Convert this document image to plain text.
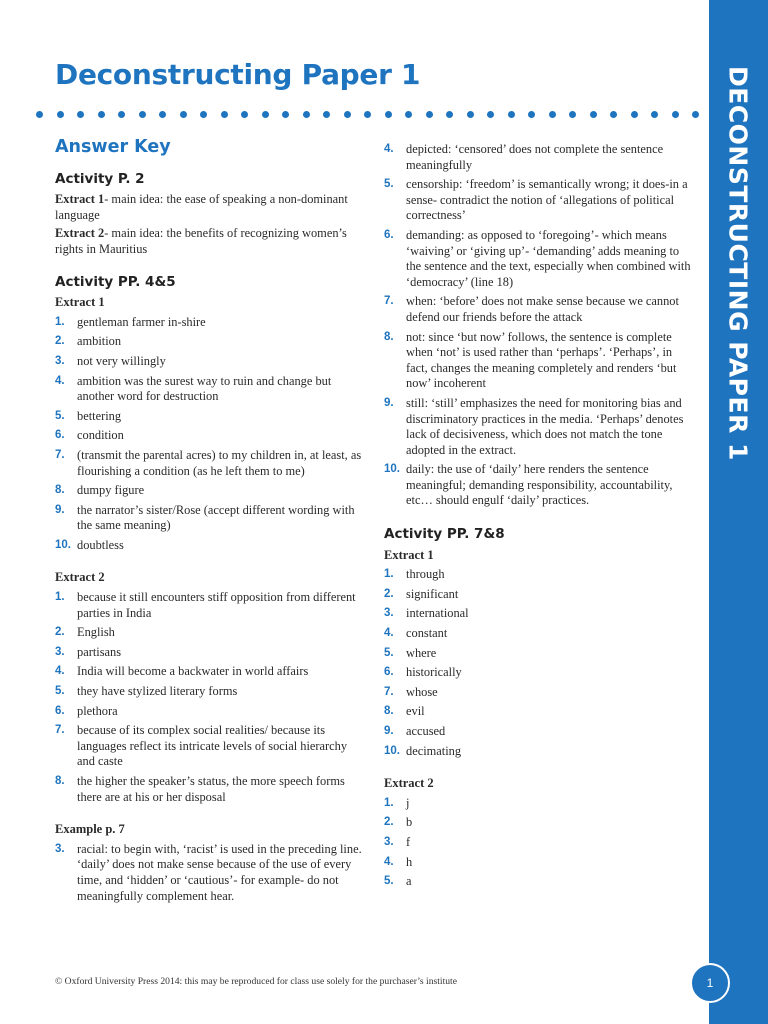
Deconstructing Paper 1	DECONSTRUCTING PAPER 1
1
Answer Key
Activity P. 2

Extract 1- main idea: the ease of speaking a non-dominant language

Extract 2- main idea: the benefits of recognizing women’s rights in Mauritius

Activity PP. 4&5
Extract 1
1. gentleman farmer in-shire
2. ambition
3. not very willingly
4. ambition was the surest way to ruin and change but another word for destruction
5. bettering
6. condition
7. (transmit the parental acres) to my children in, at least, as flourishing a condition (as he left them to me)
8. dumpy figure
9. the narrator’s sister/Rose (accept different wording with the same meaning)
10. doubtless
Extract 2
1. because it still encounters stiff opposition from different parties in India
2. English
3. partisans
4. India will become a backwater in world affairs
5. they have stylized literary forms
6. plethora
7. because of its complex social realities/ because its languages reflect its intricate levels of social hierarchy and caste
8. the higher the speaker’s status, the more speech forms there are at his or her disposal
Example p. 7
3. racial: to begin with, ‘racist’ is used in the preceding line. ‘daily’ does not make sense because of the use of every time, and ‘hidden’ or ‘cautious’- for example- do not meaningfully complement hear.
4. depicted: ‘censored’ does not complete the sentence meaningfully
5. censorship: ‘freedom’ is semantically wrong; it does-in a sense- contradict the notion of ‘allegations of political correctness’
6. demanding: as opposed to ‘foregoing’- which means ‘waiving’ or ‘giving up’- ‘demanding’ adds meaning to the sentence and the text, especially when combined with ‘democracy’ (line 18)
7. when: ‘before’ does not make sense because we cannot defend our friends before the attack
8. not: since ‘but now’ follows, the sentence is complete when ‘not’ is used rather than ‘perhaps’. ‘Perhaps’, in fact, changes the meaning completely and renders ‘but now’ incoherent
9. still: ‘still’ emphasizes the need for monitoring bias and discriminatory practices in the media. ‘Perhaps’ denotes lack of decisiveness, which does not match the tone adopted in the extract.
10. daily: the use of ‘daily’ here renders the sentence meaningful; demanding responsibility, accountability, etc… should engulf ‘daily’ practices.
Activity PP. 7&8
Extract 1
1. through
2. significant
3. international
4. constant
5. where
6. historically
7. whose
8. evil
9. accused
10. decimating
Extract 2
1. j
2. b
3. f
4. h
5. a
© Oxford University Press 2014: this may be reproduced for class use solely for the purchaser’s institute
